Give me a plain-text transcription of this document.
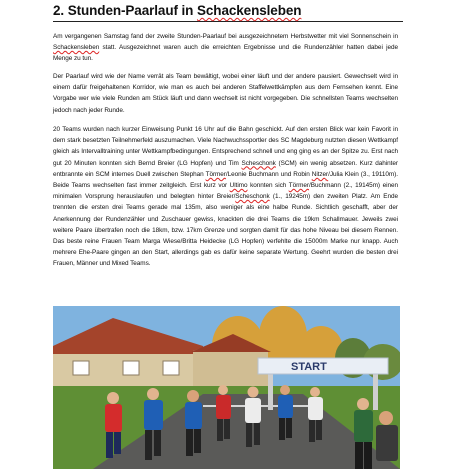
2. Stunden-Paarlauf in Schackensleben
Am vergangenen Samstag fand der zweite Stunden-Paarlauf bei ausgezeichnetem Herbstwetter mit viel Sonnenschein in Schackensleben statt. Ausgezeichnet waren auch die erreichten Ergebnisse und die Rundenzähler hatten dabei jede Menge zu tun.
Der Paarlauf wird wie der Name verrät als Team bewältigt, wobei einer läuft und der andere pausiert. Gewechselt wird in einem dafür freigehaltenen Korridor, wie man es auch bei anderen Staffelwettkämpfen aus dem Fernsehen kennt. Eine Vorgabe wer wie viele Runden am Stück läuft und dann wechselt ist nicht vorgegeben. Die schnellsten Teams wechselten jedoch nach jeder Runde.
20 Teams wurden nach kurzer Einweisung Punkt 16 Uhr auf die Bahn geschickt. Auf den ersten Blick war kein Favorit in dem stark besetzten Teilnehmerfeld auszumachen. Viele Nachwuchssportler des SC Magdeburg nutzten diesen Wettkampf gleich als Intervalltraining unter Wettkampfbedingungen. Entsprechend schnell und eng ging es an der Spitze zu. Erst nach gut 20 Minuten konnten sich Bernd Breier (LG Hopfen) und Tim Scheschonk (SCM) ein wenig absetzen. Kurz dahinter entbrannte ein SCM internes Duell zwischen Stephan Törmer/Leonie Buchmann und Robin Nitzer/Julia Klein (3., 19110m). Beide Teams wechselten fast immer zeitgleich. Erst kurz vor Ultimo konnten sich Törmer/Buchmann (2., 19145m) einen minimalen Vorsprung herauslaufen und belegten hinter Breier/Scheschonk (1., 19245m) den zweiten Platz. Am Ende trennten die ersten drei Teams gerade mal 135m, also weniger als eine halbe Runde. Sichtlich geschafft, aber der Anerkennung der Rundenzähler und Zuschauer gewiss, knackten die drei Teams die 19km Schallmauer. Jeweils zwei weitere Paare übertrafen noch die 18km, bzw. 17km Grenze und sorgten damit für das hohe Niveau bei diesem Rennen. Das beste reine Frauen Team Marga Wiese/Britta Heidecke (LG Hopfen) verfehlte die 15000m Marke nur knapp. Auch mehrere Ehe-Paare gingen an den Start, allerdings gab es dafür keine separate Wertung. Geehrt wurden die besten drei Frauen, Männer und Mixed Teams.
START
